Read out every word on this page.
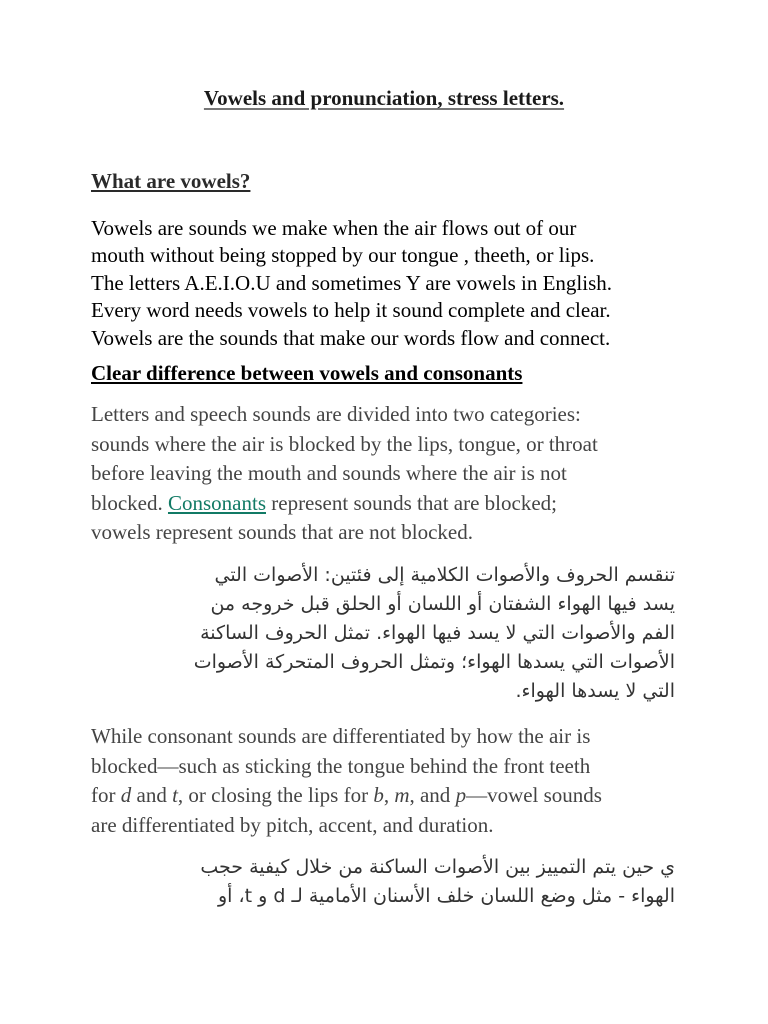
Vowels and pronunciation, stress letters.
What are vowels?

Vowels are sounds we make when the air flows out of our
mouth without being stopped by our tongue , theeth, or lips.
The letters A.E.I.O.U and sometimes Y are vowels in English.
Every word needs vowels to help it sound complete and clear.
Vowels are the sounds that make our words flow and connect.

Clear difference between vowels and consonants

Letters and speech sounds are divided into two categories:
sounds where the air is blocked by the lips, tongue, or throat
before leaving the mouth and sounds where the air is not
blocked. Consonants represent sounds that are blocked;
vowels represent sounds that are not blocked.

تنقسم الحروف والأصوات الكلامية إلى فئتين: الأصوات التي
يسد فيها الهواء الشفتان أو اللسان أو الحلق قبل خروجه من
الفم والأصوات التي لا يسد فيها الهواء. تمثل الحروف الساكنة
الأصوات التي يسدها الهواء؛ وتمثل الحروف المتحركة الأصوات
التي لا يسدها الهواء.

While consonant sounds are differentiated by how the air is
blocked—such as sticking the tongue behind the front teeth
for d and t, or closing the lips for b, m, and p—vowel sounds
are differentiated by pitch, accent, and duration.

ي حين يتم التمييز بين الأصوات الساكنة من خلال كيفية حجب
الهواء - مثل وضع اللسان خلف الأسنان الأمامية لـ d و t، أو
